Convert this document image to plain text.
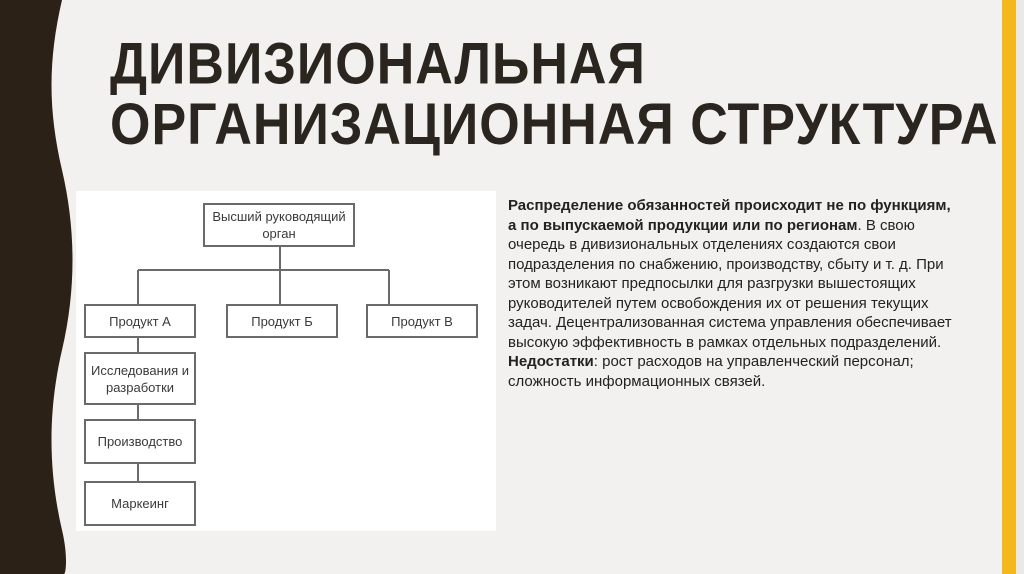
ДИВИЗИОНАЛЬНАЯ
ОРГАНИЗАЦИОННАЯ СТРУКТУРА
Высший руководящий орган
Продукт А	Продукт Б	Продукт В
Исследования и разработки
Производство
Маркеинг

Распределение обязанностей происходит не по функциям, а по выпускаемой продукции или по регионам. В свою очередь в дивизиональных отделениях создаются свои подразделения по снабжению, производству, сбыту и т. д. При этом возникают предпосылки для разгрузки вышестоящих руководителей путем освобождения их от решения текущих задач. Децентрализованная система управления обеспечивает высокую эффективность в рамках отдельных подразделений. Недостатки: рост расходов на управленческий персонал; сложность информационных связей.
